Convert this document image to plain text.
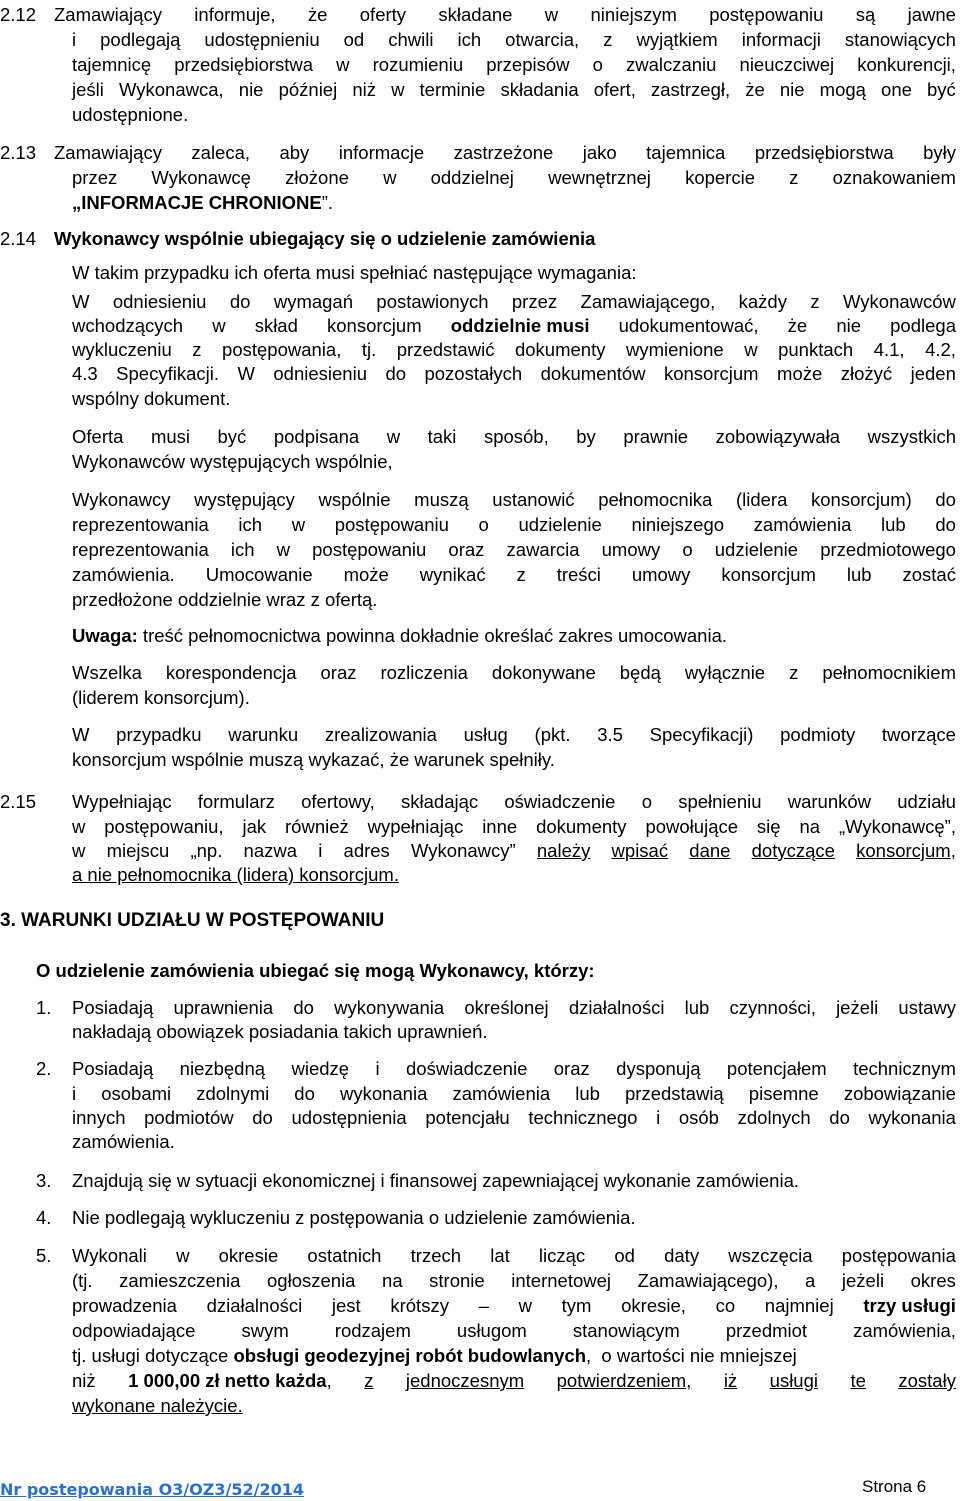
2.12 Zamawiający informuje, że oferty składane w niniejszym postępowaniu są jawne
i podlegają udostępnieniu od chwili ich otwarcia, z wyjątkiem informacji stanowiących
tajemnicę przedsiębiorstwa w rozumieniu przepisów o zwalczaniu nieuczciwej konkurencji,
jeśli Wykonawca, nie później niż w terminie składania ofert, zastrzegł, że nie mogą one być
udostępnione.
2.13 Zamawiający zaleca, aby informacje zastrzeżone jako tajemnica przedsiębiorstwa były
przez Wykonawcę złożone w oddzielnej wewnętrznej kopercie z oznakowaniem
„INFORMACJE CHRONIONE”.
2.14 Wykonawcy wspólnie ubiegający się o udzielenie zamówienia
W takim przypadku ich oferta musi spełniać następujące wymagania:
W odniesieniu do wymagań postawionych przez Zamawiającego, każdy z Wykonawców
wchodzących w skład konsorcjum oddzielnie musi udokumentować, że nie podlega
wykluczeniu z postępowania, tj. przedstawić dokumenty wymienione w punktach 4.1, 4.2,
4.3 Specyfikacji. W odniesieniu do pozostałych dokumentów konsorcjum może złożyć jeden
wspólny dokument.
Oferta musi być podpisana w taki sposób, by prawnie zobowiązywała wszystkich
Wykonawców występujących wspólnie,
Wykonawcy występujący wspólnie muszą ustanowić pełnomocnika (lidera konsorcjum) do
reprezentowania ich w postępowaniu o udzielenie niniejszego zamówienia lub do
reprezentowania ich w postępowaniu oraz zawarcia umowy o udzielenie przedmiotowego
zamówienia. Umocowanie może wynikać z treści umowy konsorcjum lub zostać
przedłożone oddzielnie wraz z ofertą.
Uwaga: treść pełnomocnictwa powinna dokładnie określać zakres umocowania.
Wszelka korespondencja oraz rozliczenia dokonywane będą wyłącznie z pełnomocnikiem
(liderem konsorcjum).
W przypadku warunku zrealizowania usług (pkt. 3.5 Specyfikacji) podmioty tworzące
konsorcjum wspólnie muszą wykazać, że warunek spełniły.
2.15 Wypełniając formularz ofertowy, składając oświadczenie o spełnieniu warunków udziału
w postępowaniu, jak również wypełniając inne dokumenty powołujące się na „Wykonawcę”,
w miejscu „np. nazwa i adres Wykonawcy” należy wpisać dane dotyczące konsorcjum,
a nie pełnomocnika (lidera) konsorcjum.
3. WARUNKI UDZIAŁU W POSTĘPOWANIU
O udzielenie zamówienia ubiegać się mogą Wykonawcy, którzy:
1. Posiadają uprawnienia do wykonywania określonej działalności lub czynności, jeżeli ustawy
nakładają obowiązek posiadania takich uprawnień.
2. Posiadają niezbędną wiedzę i doświadczenie oraz dysponują potencjałem technicznym
i osobami zdolnymi do wykonania zamówienia lub przedstawią pisemne zobowiązanie
innych podmiotów do udostępnienia potencjału technicznego i osób zdolnych do wykonania
zamówienia.
3. Znajdują się w sytuacji ekonomicznej i finansowej zapewniającej wykonanie zamówienia.
4. Nie podlegają wykluczeniu z postępowania o udzielenie zamówienia.
5. Wykonali w okresie ostatnich trzech lat licząc od daty wszczęcia postępowania
(tj. zamieszczenia ogłoszenia na stronie internetowej Zamawiającego), a jeżeli okres
prowadzenia działalności jest krótszy – w tym okresie, co najmniej trzy usługi
odpowiadające swym rodzajem usługom stanowiącym przedmiot zamówienia,
tj. usługi dotyczące obsługi geodezyjnej robót budowlanych,  o wartości nie mniejszej
niż 1 000,00 zł netto każda, z jednoczesnym potwierdzeniem, iż usługi te zostały
wykonane należycie.
Nr postepowania O3/OZ3/52/2014	Strona 6
